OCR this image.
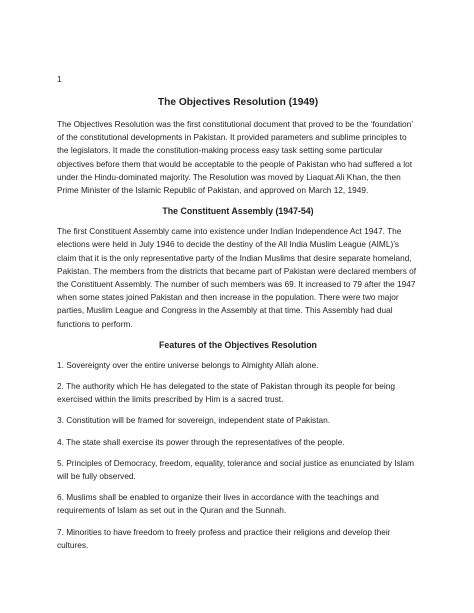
1

The Objectives Resolution (1949)

The Objectives Resolution was the first constitutional document that proved to be the ‘foundation’ of the constitutional developments in Pakistan. It provided parameters and sublime principles to the legislators. It made the constitution-making process easy task setting some particular objectives before them that would be acceptable to the people of Pakistan who had suffered a lot under the Hindu-dominated majority. The Resolution was moved by Liaquat Ali Khan, the then Prime Minister of the Islamic Republic of Pakistan, and approved on March 12, 1949.

The Constituent Assembly (1947-54)

The first Constituent Assembly came into existence under Indian Independence Act 1947. The elections were held in July 1946 to decide the destiny of the All India Muslim League (AIML)’s claim that it is the only representative party of the Indian Muslims that desire separate homeland, Pakistan. The members from the districts that became part of Pakistan were declared members of the Constituent Assembly. The number of such members was 69. It increased to 79 after the 1947 when some states joined Pakistan and then increase in the population. There were two major parties, Muslim League and Congress in the Assembly at that time. This Assembly had dual functions to perform.

Features of the Objectives Resolution
1. Sovereignty over the entire universe belongs to Almighty Allah alone.
2. The authority which He has delegated to the state of Pakistan through its people for being exercised within the limits prescribed by Him is a sacred trust.
3. Constitution will be framed for sovereign, independent state of Pakistan.
4. The state shall exercise its power through the representatives of the people.
5. Principles of Democracy, freedom, equality, tolerance and social justice as enunciated by Islam will be fully observed.
6. Muslims shall be enabled to organize their lives in accordance with the teachings and requirements of Islam as set out in the Quran and the Sunnah.
7. Minorities to have freedom to freely profess and practice their religions and develop their cultures.
